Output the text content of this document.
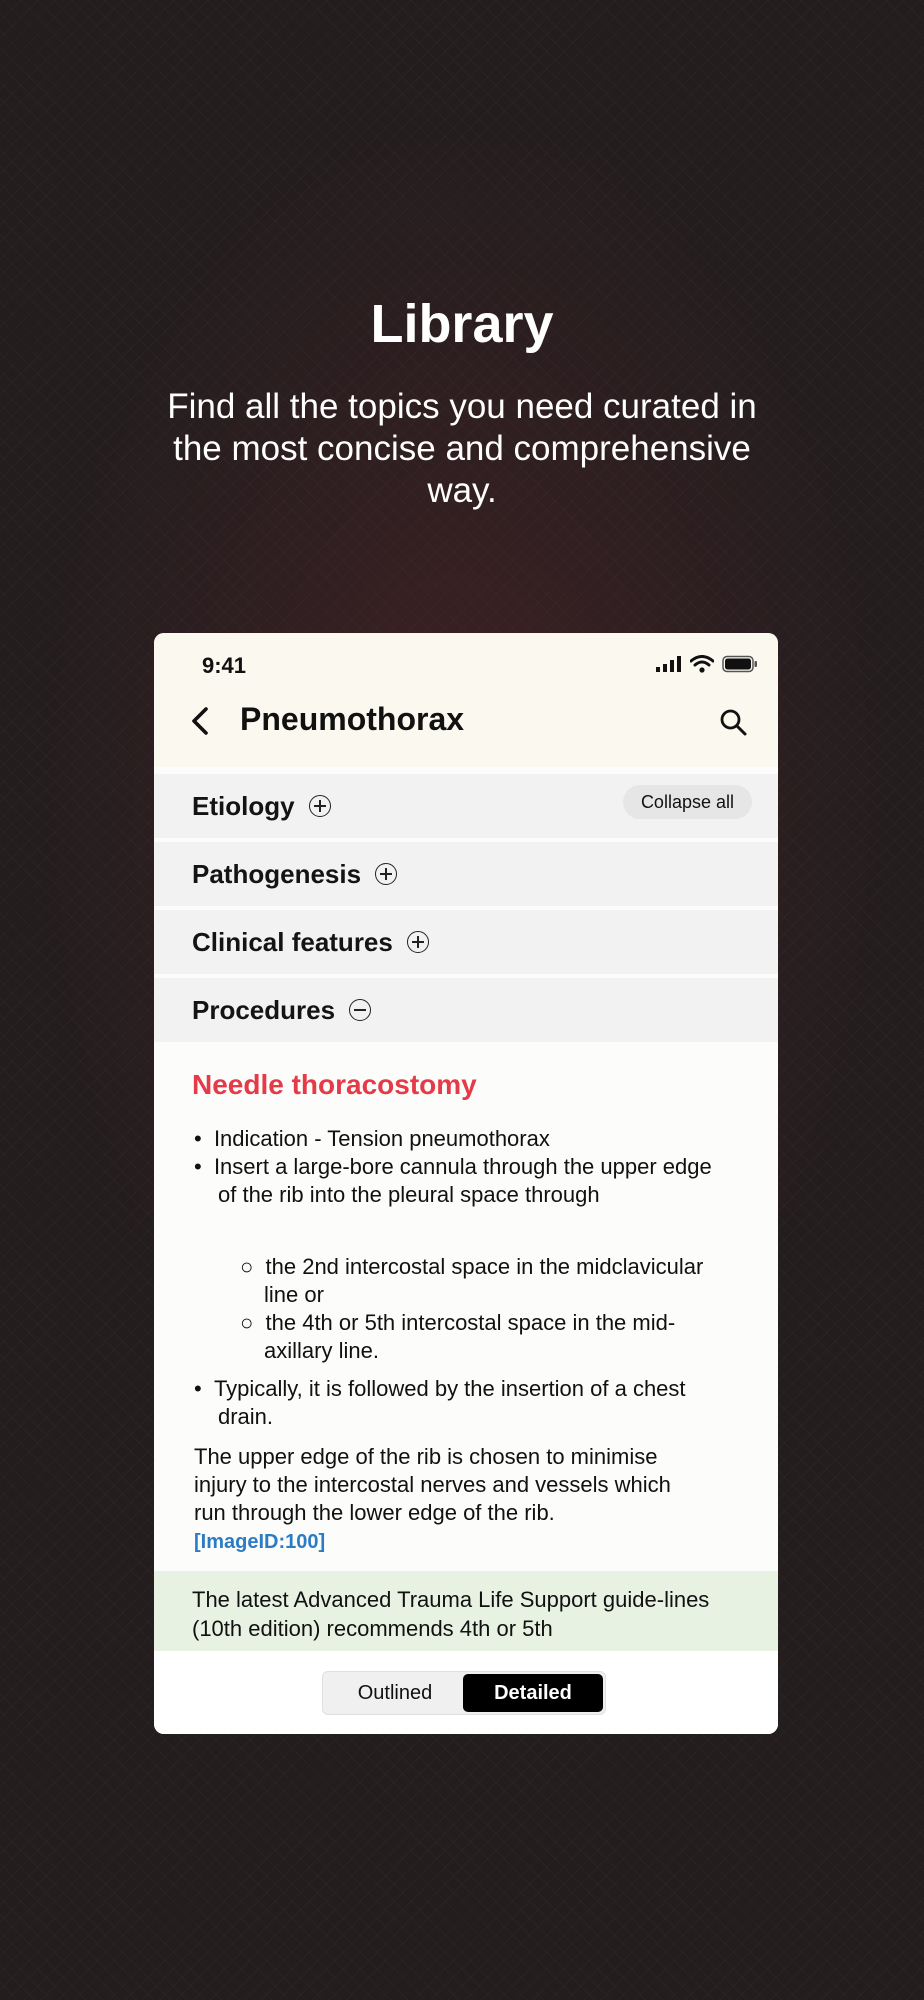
Library

Find all the topics you need curated in the most concise and comprehensive way.

9:41
Pneumothorax
Etiology	Collapse all
Pathogenesis
Clinical features
Procedures
Needle thoracostomy

•  Indication - Tension pneumothorax

•  Insert a large-bore cannula through the upper edge of the rib into the pleural space through

○  the 2nd intercostal space in the midclavicular line or

○  the 4th or 5th intercostal space in the mid-axillary line.

•  Typically, it is followed by the insertion of a chest drain.

The upper edge of the rib is chosen to minimise injury to the intercostal nerves and vessels which run through the lower edge of the rib.  [ImageID:100]

The latest Advanced Trauma Life Support guide-lines (10th edition) recommends 4th or 5th

Outlined	Detailed
